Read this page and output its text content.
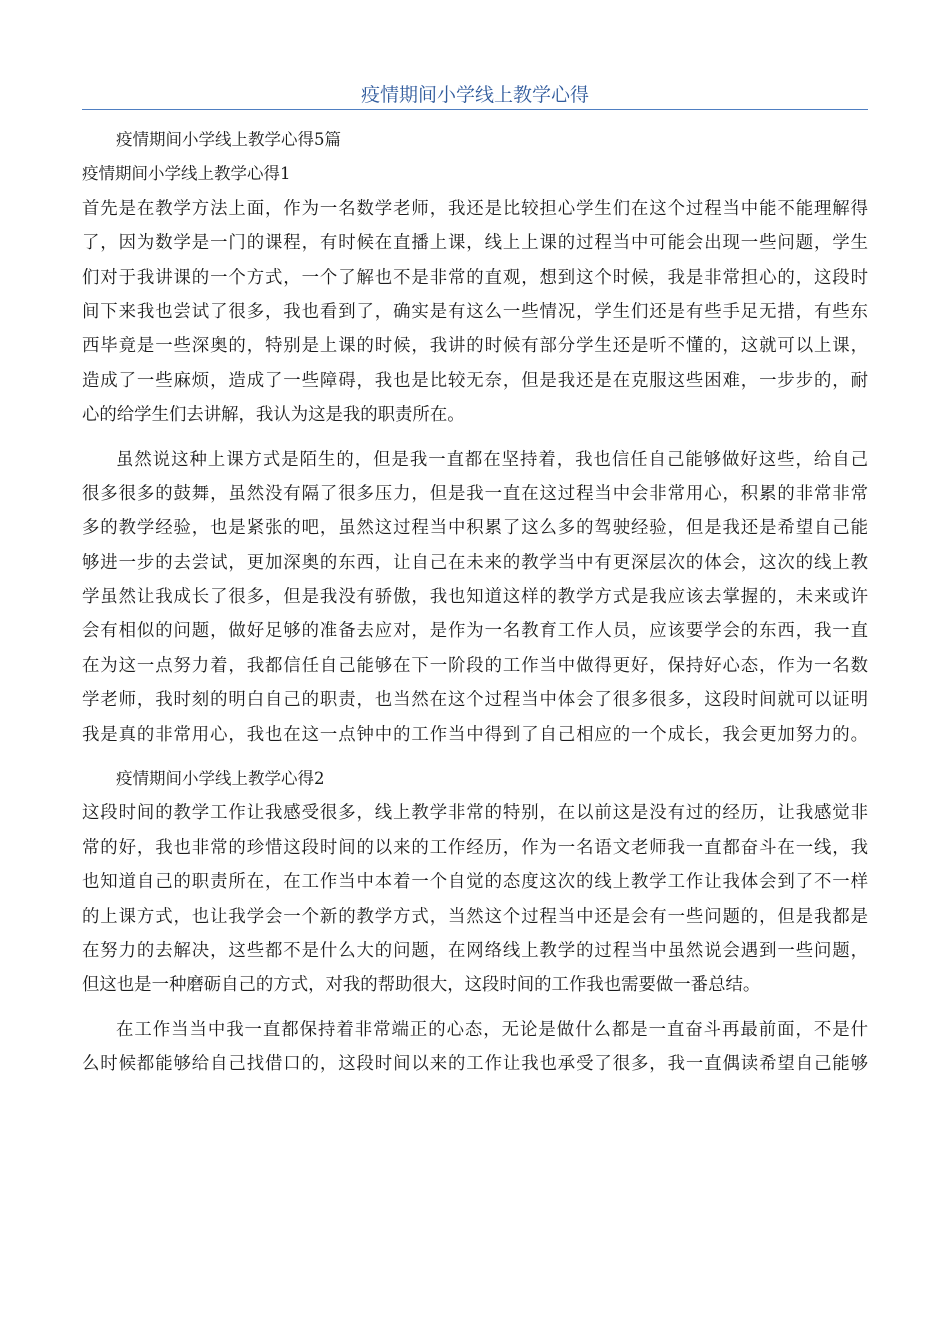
疫情期间小学线上教学心得
疫情期间小学线上教学心得5篇
疫情期间小学线上教学心得1
首先是在教学方法上面，作为一名数学老师，我还是比较担心学生们在这个过程当中能不能理解得
了，因为数学是一门的课程，有时候在直播上课，线上上课的过程当中可能会出现一些问题，学生
们对于我讲课的一个方式，一个了解也不是非常的直观，想到这个时候，我是非常担心的，这段时
间下来我也尝试了很多，我也看到了，确实是有这么一些情况，学生们还是有些手足无措，有些东
西毕竟是一些深奥的，特别是上课的时候，我讲的时候有部分学生还是听不懂的，这就可以上课，
造成了一些麻烦，造成了一些障碍，我也是比较无奈，但是我还是在克服这些困难，一步步的，耐
心的给学生们去讲解，我认为这是我的职责所在。
虽然说这种上课方式是陌生的，但是我一直都在坚持着，我也信任自己能够做好这些，给自己
很多很多的鼓舞，虽然没有隔了很多压力，但是我一直在这过程当中会非常用心，积累的非常非常
多的教学经验，也是紧张的吧，虽然这过程当中积累了这么多的驾驶经验，但是我还是希望自己能
够进一步的去尝试，更加深奥的东西，让自己在未来的教学当中有更深层次的体会，这次的线上教
学虽然让我成长了很多，但是我没有骄傲，我也知道这样的教学方式是我应该去掌握的，未来或许
会有相似的问题，做好足够的准备去应对，是作为一名教育工作人员，应该要学会的东西，我一直
在为这一点努力着，我都信任自己能够在下一阶段的工作当中做得更好，保持好心态，作为一名数
学老师，我时刻的明白自己的职责，也当然在这个过程当中体会了很多很多，这段时间就可以证明
我是真的非常用心，我也在这一点钟中的工作当中得到了自己相应的一个成长，我会更加努力的。
疫情期间小学线上教学心得2
这段时间的教学工作让我感受很多，线上教学非常的特别，在以前这是没有过的经历，让我感觉非
常的好，我也非常的珍惜这段时间的以来的工作经历，作为一名语文老师我一直都奋斗在一线，我
也知道自己的职责所在，在工作当中本着一个自觉的态度这次的线上教学工作让我体会到了不一样
的上课方式，也让我学会一个新的教学方式，当然这个过程当中还是会有一些问题的，但是我都是
在努力的去解决，这些都不是什么大的问题，在网络线上教学的过程当中虽然说会遇到一些问题，
但这也是一种磨砺自己的方式，对我的帮助很大，这段时间的工作我也需要做一番总结。
在工作当当中我一直都保持着非常端正的心态，无论是做什么都是一直奋斗再最前面，不是什
么时候都能够给自己找借口的，这段时间以来的工作让我也承受了很多，我一直偶读希望自己能够
